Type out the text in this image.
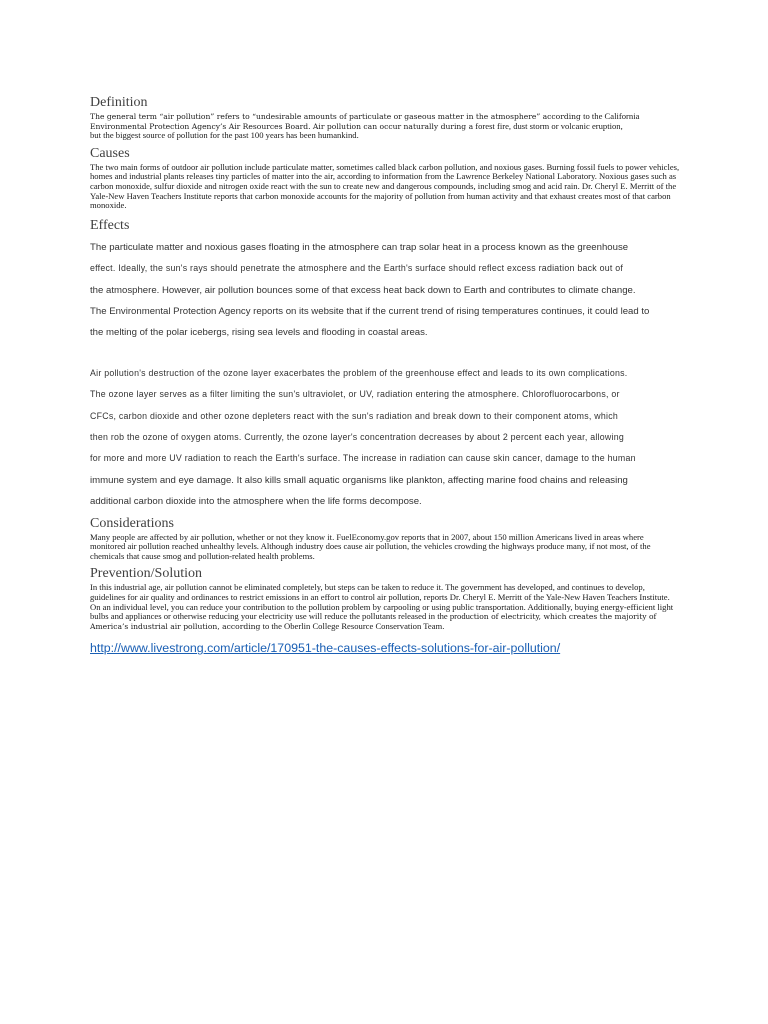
Definition

The general term “air pollution” refers to “undesirable amounts of particulate or gaseous matter in the atmosphere” according to the California
Environmental Protection Agency’s Air Resources Board. Air pollution can occur naturally during a forest fire, dust storm or volcanic eruption,
but the biggest source of pollution for the past 100 years has been humankind.

Causes

The two main forms of outdoor air pollution include particulate matter, sometimes called black carbon pollution, and noxious gases. Burning fossil fuels to power vehicles, homes and industrial plants releases tiny particles of matter into the air, according to information from the Lawrence Berkeley National Laboratory. Noxious gases such as carbon monoxide, sulfur dioxide and nitrogen oxide react with the sun to create new and dangerous compounds, including smog and acid rain. Dr. Cheryl E. Merritt of the Yale-New Haven Teachers Institute reports that carbon monoxide accounts for the majority of pollution from human activity and that exhaust creates most of that carbon monoxide.

Effects

The particulate matter and noxious gases floating in the atmosphere can trap solar heat in a process known as the greenhouse

effect. Ideally, the sun's rays should penetrate the atmosphere and the Earth's surface should reflect excess radiation back out of

the atmosphere. However, air pollution bounces some of that excess heat back down to Earth and contributes to climate change.

The Environmental Protection Agency reports on its website that if the current trend of rising temperatures continues, it could lead to

the melting of the polar icebergs, rising sea levels and flooding in coastal areas.

Air pollution's destruction of the ozone layer exacerbates the problem of the greenhouse effect and leads to its own complications.

The ozone layer serves as a filter limiting the sun's ultraviolet, or UV, radiation entering the atmosphere. Chlorofluorocarbons, or

CFCs, carbon dioxide and other ozone depleters react with the sun's radiation and break down to their component atoms, which

then rob the ozone of oxygen atoms. Currently, the ozone layer's concentration decreases by about 2 percent each year, allowing

for more and more UV radiation to reach the Earth's surface. The increase in radiation can cause skin cancer, damage to the human

immune system and eye damage. It also kills small aquatic organisms like plankton, affecting marine food chains and releasing

additional carbon dioxide into the atmosphere when the life forms decompose.

Considerations

Many people are affected by air pollution, whether or not they know it. FuelEconomy.gov reports that in 2007, about 150 million Americans lived in areas where monitored air pollution reached unhealthy levels. Although industry does cause air pollution, the vehicles crowding the highways produce many, if not most, of the chemicals that cause smog and pollution-related health problems.

Prevention/Solution

In this industrial age, air pollution cannot be eliminated completely, but steps can be taken to reduce it. The government has developed, and continues to develop, guidelines for air quality and ordinances to restrict emissions in an effort to control air pollution, reports Dr. Cheryl E. Merritt of the Yale-New Haven Teachers Institute. On an individual level, you can reduce your contribution to the pollution problem by carpooling or using public transportation. Additionally, buying energy-efficient light bulbs and appliances or otherwise reducing your electricity use will reduce the pollutants released in the production of electricity, which creates the majority of America’s industrial air pollution, according to the Oberlin College Resource Conservation Team.

http://www.livestrong.com/article/170951-the-causes-effects-solutions-for-air-pollution/
